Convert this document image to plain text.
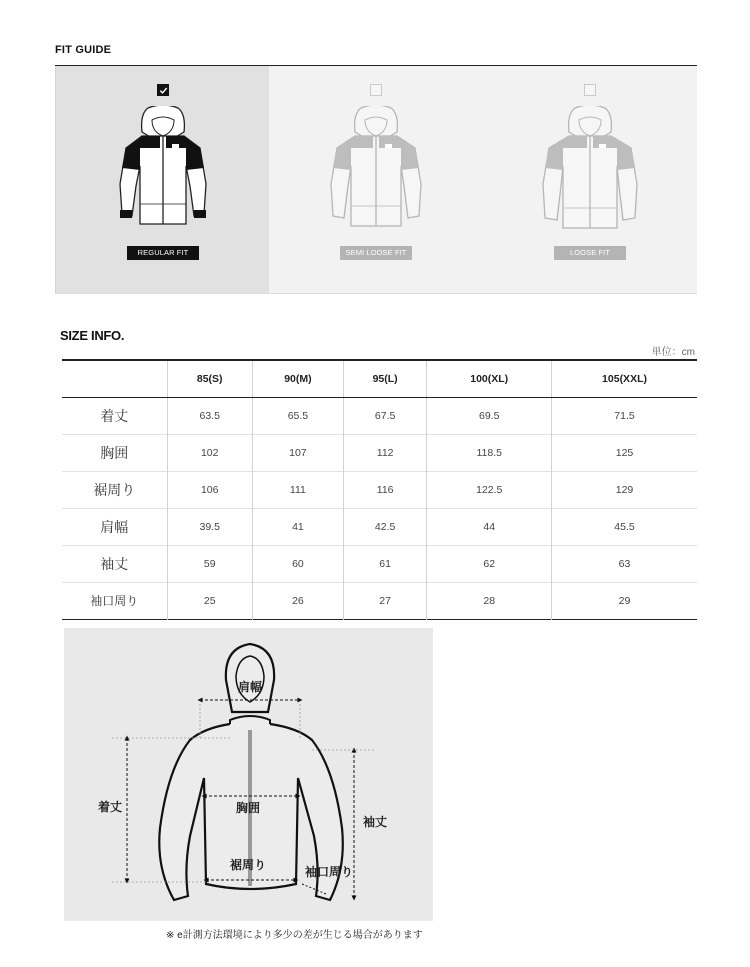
FIT GUIDE
REGULAR FIT	SEMI LOOSE FIT	LOOSE FIT
SIZE INFO.
単位：cm
	85(S)	90(M)	95(L)	100(XL)	105(XXL)
着丈	63.5	65.5	67.5	69.5	71.5
胸囲	102	107	112	118.5	125
裾周り	106	111	116	122.5	129
肩幅	39.5	41	42.5	44	45.5
袖丈	59	60	61	62	63
袖口周り	25	26	27	28	29
肩幅
着丈	胸囲
袖丈
裾周り	袖口周り
※ e計測方法環境により多少の差が生じる場合があります
